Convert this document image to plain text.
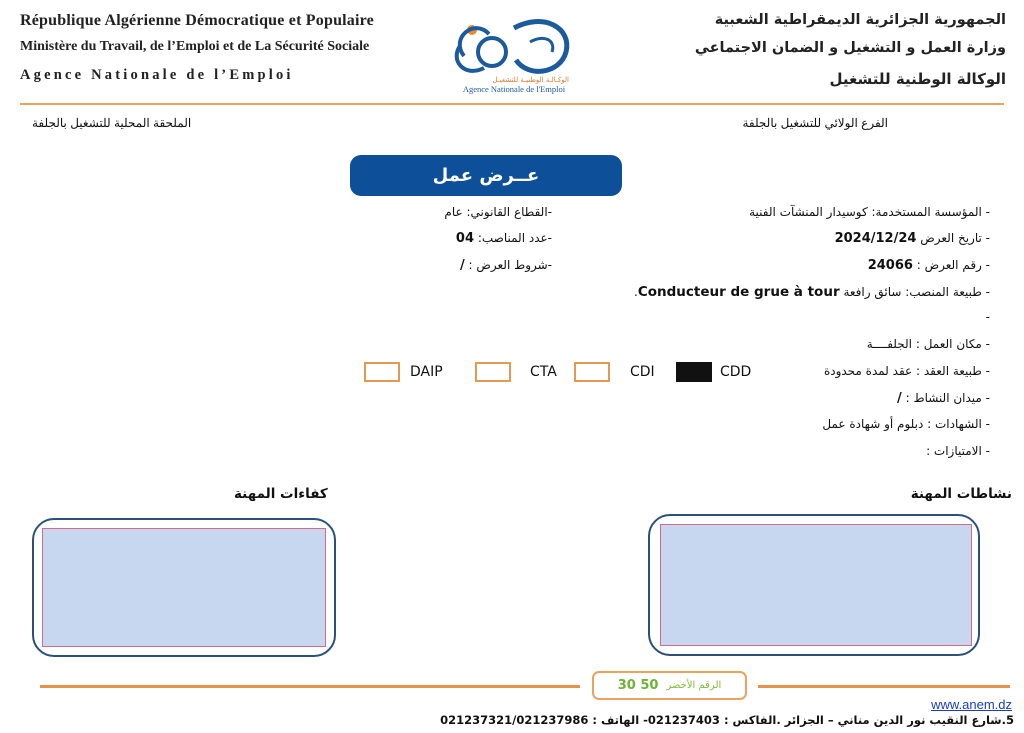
République Algérienne Démocratique et Populaire
Ministère du Travail, de l’Emploi et de La Sécurité Sociale
Agence Nationale de l’Emploi	الوكـالـة الوطنيـة للتشغيـل
Agence Nationale de l'Emploi
الجمهورية الجزائرية الديمقراطية الشعبية
وزارة العمل و التشغيل و الضمان الاجتماعي
الوكالة الوطنية للتشغيل
الملحقة المحلية للتشغيل بالجلفة	الفرع الولائي للتشغيل بالجلفة
عــرض عمل
- المؤسسة المستخدمة: كوسيدار المنشآت الفنية
- تاريخ العرض 2024/12/24
- رقم العرض : 24066
- طبيعة المنصب: سائق رافعة Conducteur de grue à tour.
-
- مكان العمل : الجلفــــة
- طبيعة العقد : عقد لمدة محدودة
- ميدان النشاط : /
- الشهادات : دبلوم أو شهادة عمل
- الامتيازات :
-القطاع القانوني: عام
-عدد المناصب: 04
-شروط العرض : /
CDD
CDI
CTA
DAIP
نشاطات المهنة
كفاءات المهنة
الرقم الأخضر
30 50
www.anem.dz
5.شارع النقيب نور الدين مناني – الجزائر .الفاكس : 021237403- الهاتف : 021237321/021237986
